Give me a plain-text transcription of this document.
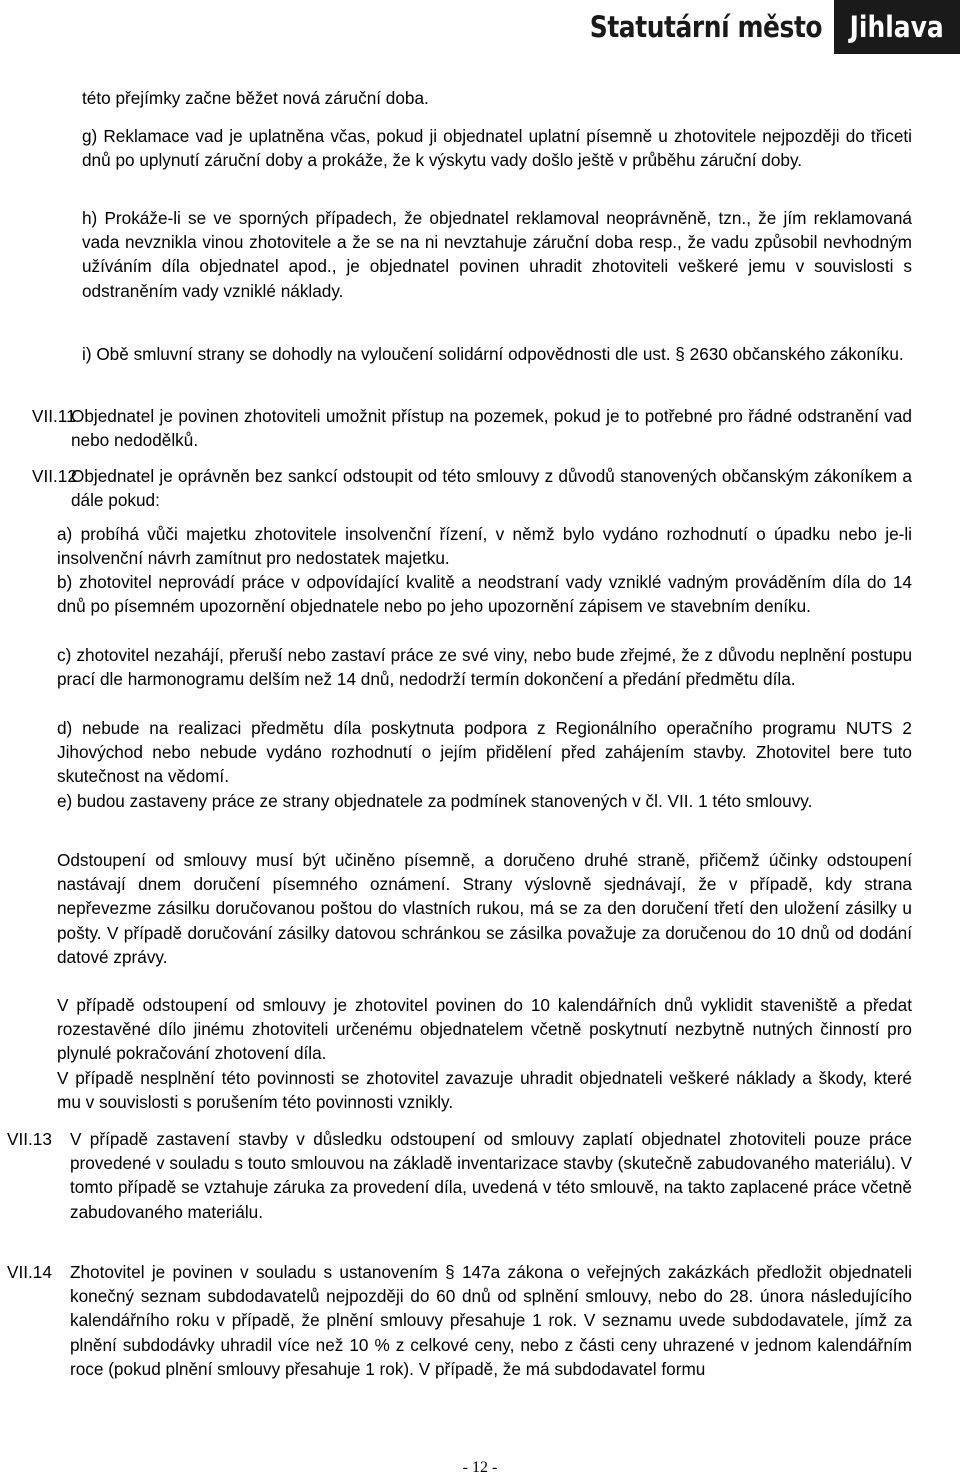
Statutární město Jihlava

této přejímky začne běžet nová záruční doba.

g) Reklamace vad je uplatněna včas, pokud ji objednatel uplatní písemně u zhotovitele nejpozději do třiceti dnů po uplynutí záruční doby a prokáže, že k výskytu vady došlo ještě v průběhu záruční doby.

h) Prokáže-li se ve sporných případech, že objednatel reklamoval neoprávněně, tzn., že jím reklamovaná vada nevznikla vinou zhotovitele a že se na ni nevztahuje záruční doba resp., že vadu způsobil nevhodným užíváním díla objednatel apod., je objednatel povinen uhradit zhotoviteli veškeré jemu v souvislosti s odstraněním vady vzniklé náklady.

i) Obě smluvní strany se dohodly na vyloučení solidární odpovědnosti dle ust. § 2630 občanského zákoníku.

VII.11

Objednatel je povinen zhotoviteli umožnit přístup na pozemek, pokud je to potřebné pro řádné odstranění vad nebo nedodělků.

VII.12

Objednatel je oprávněn bez sankcí odstoupit od této smlouvy z důvodů stanovených občanským zákoníkem a dále pokud:

a) probíhá vůči majetku zhotovitele insolvenční řízení, v němž bylo vydáno rozhodnutí o úpadku nebo je-li insolvenční návrh zamítnut pro nedostatek majetku.

b) zhotovitel neprovádí práce v odpovídající kvalitě a neodstraní vady vzniklé vadným prováděním díla do 14 dnů po písemném upozornění objednatele nebo po jeho upozornění zápisem ve stavebním deníku.

c) zhotovitel nezahájí, přeruší nebo zastaví práce ze své viny, nebo bude zřejmé, že z důvodu neplnění postupu prací dle harmonogramu delším než 14 dnů, nedodrží termín dokončení a předání předmětu díla.

d) nebude na realizaci předmětu díla poskytnuta podpora z Regionálního operačního programu NUTS 2 Jihovýchod nebo nebude vydáno rozhodnutí o jejím přidělení před zahájením stavby. Zhotovitel bere tuto skutečnost na vědomí.

e) budou zastaveny práce ze strany objednatele za podmínek stanovených v čl. VII. 1 této smlouvy.

Odstoupení od smlouvy musí být učiněno písemně, a doručeno druhé straně, přičemž účinky odstoupení nastávají dnem doručení písemného oznámení. Strany výslovně sjednávají, že v případě, kdy strana nepřevezme zásilku doručovanou poštou do vlastních rukou, má se za den doručení třetí den uložení zásilky u pošty. V případě doručování zásilky datovou schránkou se zásilka považuje za doručenou do 10 dnů od dodání datové zprávy.

V případě odstoupení od smlouvy je zhotovitel povinen do 10 kalendářních dnů vyklidit staveniště a předat rozestavěné dílo jinému zhotoviteli určenému objednatelem včetně poskytnutí nezbytně nutných činností pro plynulé pokračování zhotovení díla.

V případě nesplnění této povinnosti se zhotovitel zavazuje uhradit objednateli veškeré náklady a škody, které mu v souvislosti s porušením této povinnosti vznikly.

VII.13 V případě zastavení stavby v důsledku odstoupení od smlouvy zaplatí objednatel zhotoviteli pouze práce provedené v souladu s touto smlouvou na základě inventarizace stavby (skutečně zabudovaného materiálu). V tomto případě se vztahuje záruka za provedení díla, uvedená v této smlouvě, na takto zaplacené práce včetně zabudovaného materiálu.

VII.14 Zhotovitel je povinen v souladu s ustanovením § 147a zákona o veřejných zakázkách předložit objednateli konečný seznam subdodavatelů nejpozději do 60 dnů od splnění smlouvy, nebo do 28. února následujícího kalendářního roku v případě, že plnění smlouvy přesahuje 1 rok. V seznamu uvede subdodavatele, jímž za plnění subdodávky uhradil více než 10 % z celkové ceny, nebo z části ceny uhrazené v jednom kalendářním roce (pokud plnění smlouvy přesahuje 1 rok). V případě, že má subdodavatel formu

- 12 -
